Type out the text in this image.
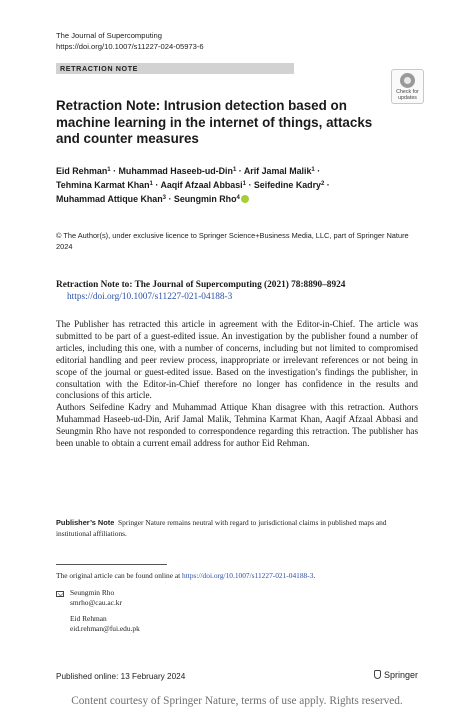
The Journal of Supercomputing
https://doi.org/10.1007/s11227-024-05973-6
RETRACTION NOTE
Check for
updates
Retraction Note: Intrusion detection based on machine learning in the internet of things, attacks and counter measures
Eid Rehman$^1$ · Muhammad Haseeb-ud-Din$^1$ · Arif Jamal Malik$^1$ ·
Tehmina Karmat Khan$^1$ · Aaqif Afzaal Abbasi$^1$ · Seifedine Kadry$^2$ ·
Muhammad Attique Khan$^3$ · Seungmin Rho$^4$
© The Author(s), under exclusive licence to Springer Science+Business Media, LLC, part of Springer Nature 2024
Retraction Note to: The Journal of Supercomputing (2021) 78:8890–8924
https://doi.org/10.1007/s11227-021-04188-3

The Publisher has retracted this article in agreement with the Editor-in-Chief. The article was submitted to be part of a guest-edited issue. An investigation by the publisher found a number of articles, including this one, with a number of concerns, including but not limited to compromised editorial handling and peer review process, inappropriate or irrelevant references or not being in scope of the journal or guest-edited issue. Based on the investigation’s findings the publisher, in consultation with the Editor-in-Chief therefore no longer has confidence in the results and conclusions of this article.

Authors Seifedine Kadry and Muhammad Attique Khan disagree with this retraction. Authors Muhammad Haseeb-ud-Din, Arif Jamal Malik, Tehmina Karmat Khan, Aaqif Afzaal Abbasi and Seungmin Rho have not responded to correspondence regarding this retraction. The publisher has been unable to obtain a current email address for author Eid Rehman.

Publisher’s Note Springer Nature remains neutral with regard to jurisdictional claims in published maps and institutional affiliations.
The original article can be found online at https://doi.org/10.1007/s11227-021-04188-3.
Seungmin Rho
smrho@cau.ac.kr
Eid Rehman
eid.rehman@fui.edu.pk
Published online: 13 February 2024	Springer
Content courtesy of Springer Nature, terms of use apply. Rights reserved.
